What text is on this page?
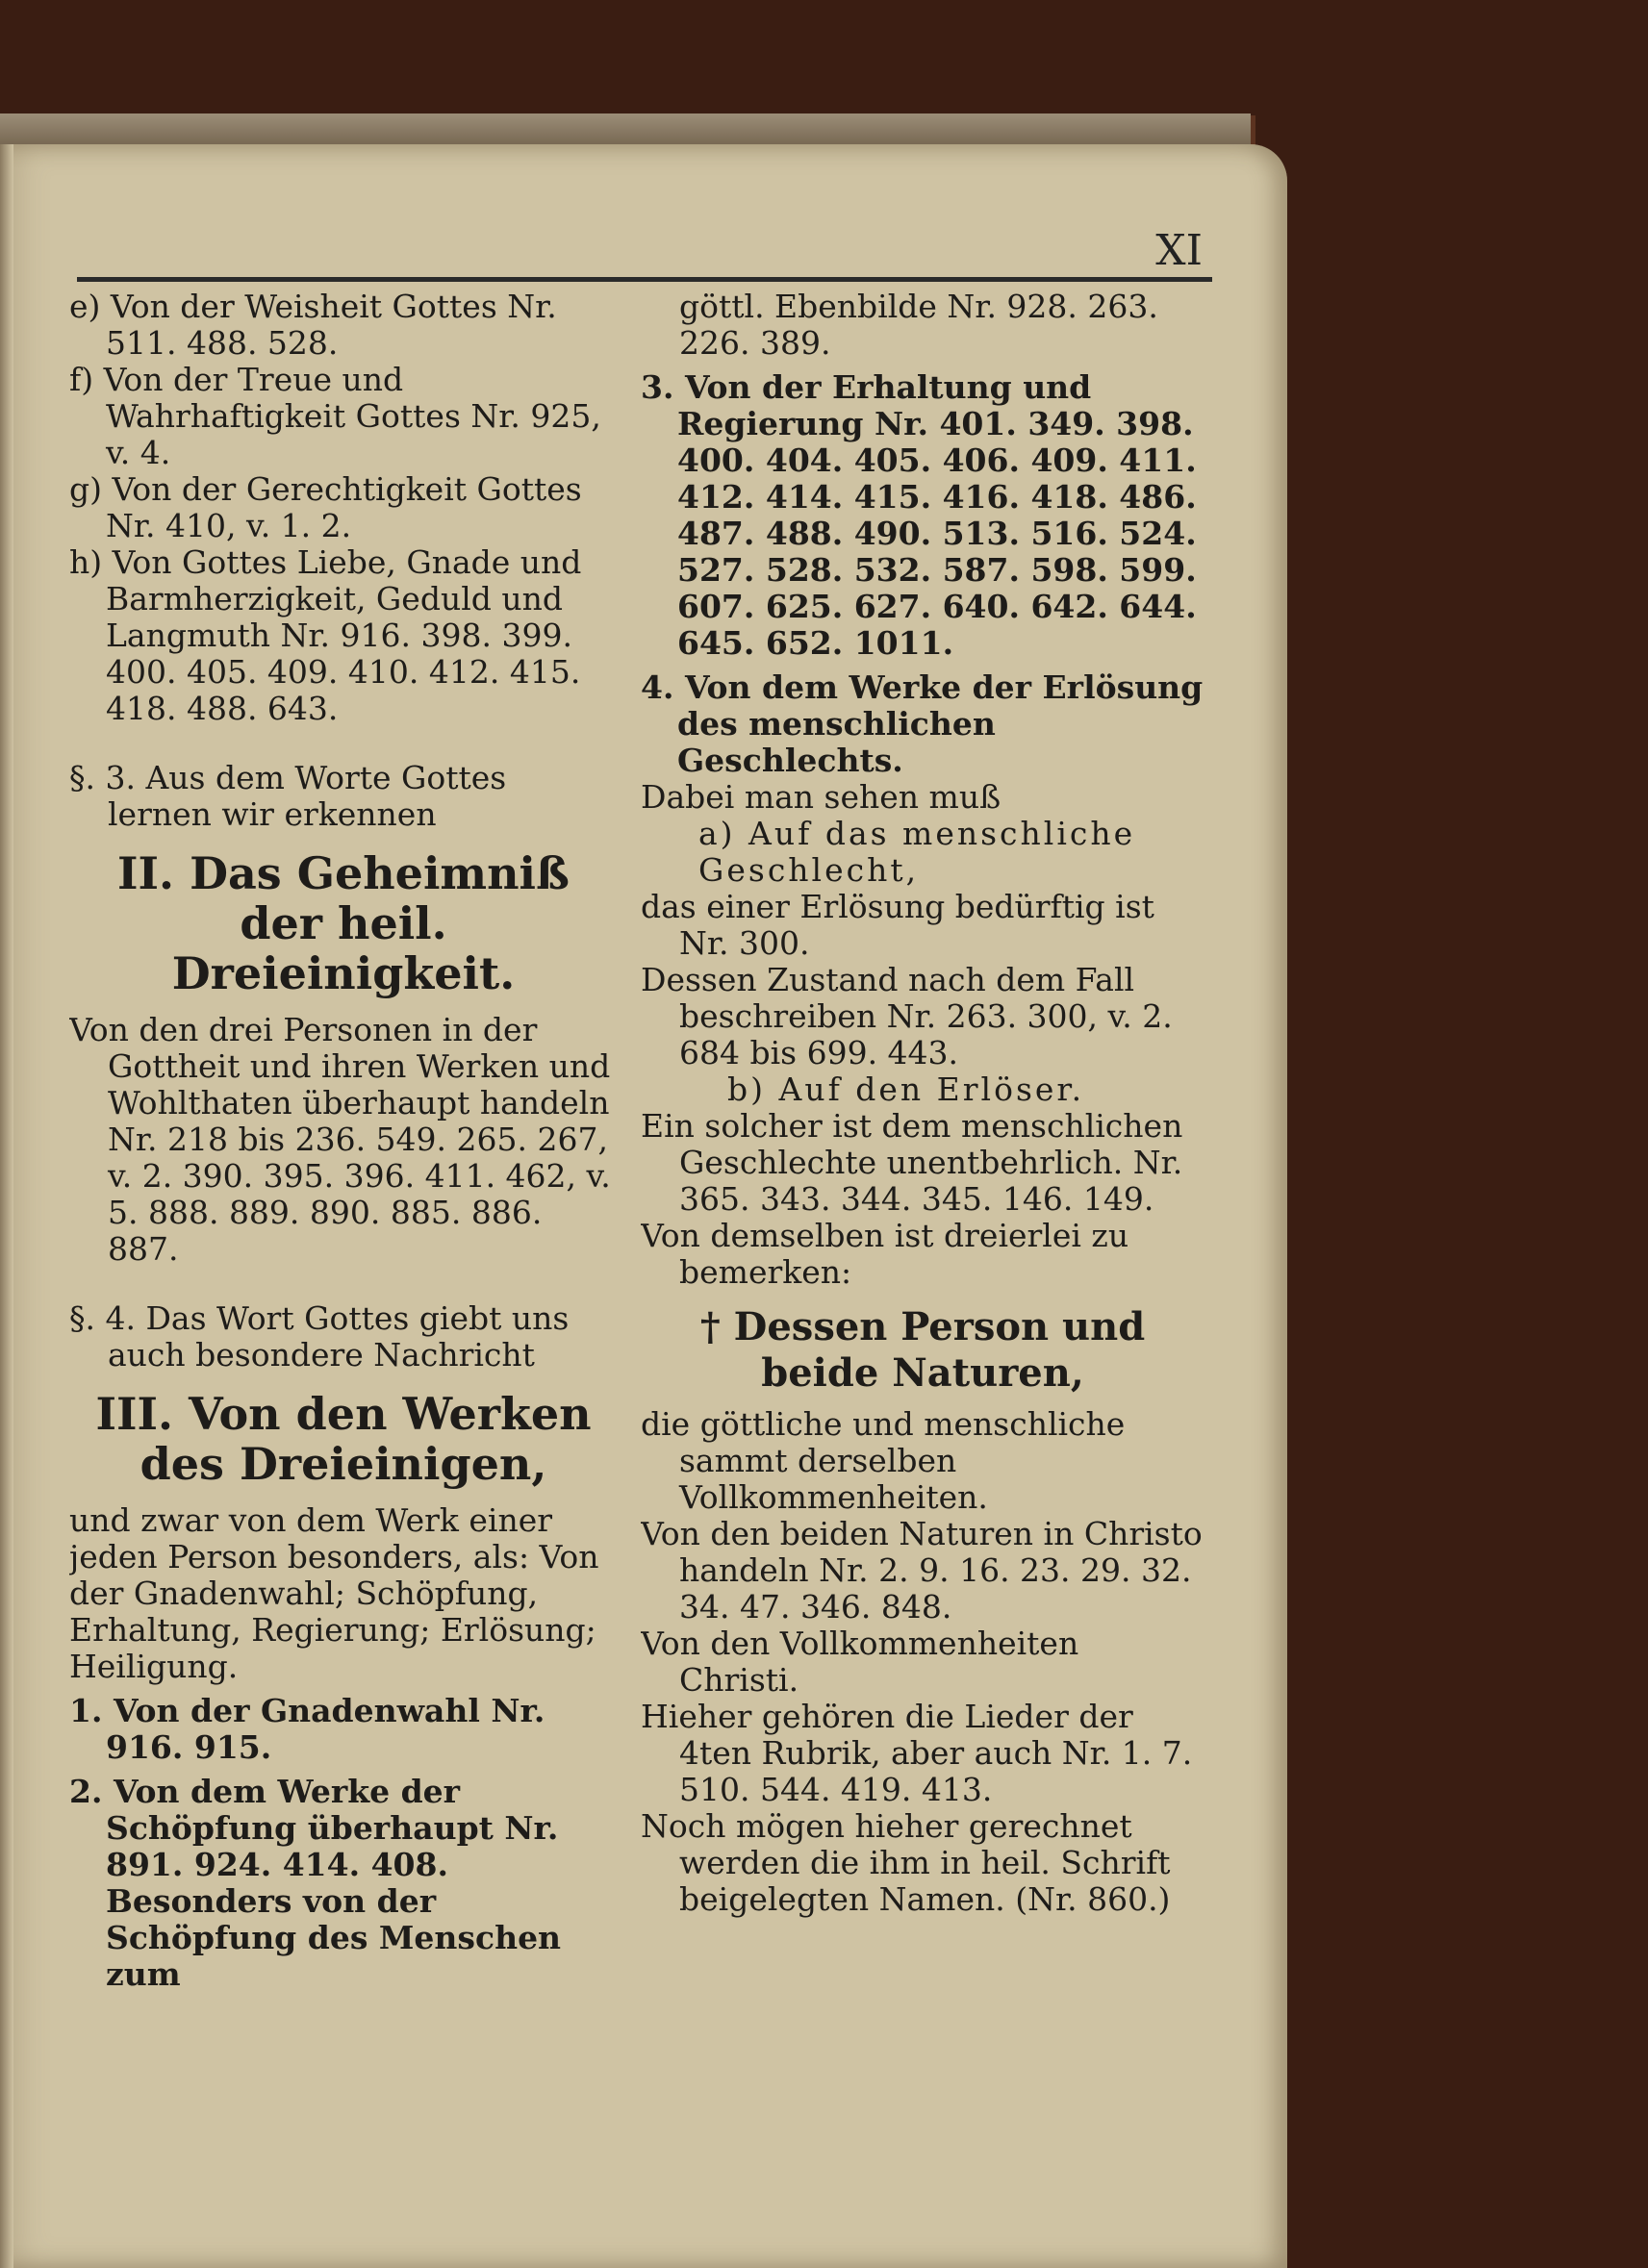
XI

e) Von der Weisheit Gottes Nr. 511. 488. 528.

f) Von der Treue und Wahrhaftigkeit Gottes Nr. 925, v. 4.

g) Von der Gerechtigkeit Gottes Nr. 410, v. 1. 2.

h) Von Gottes Liebe, Gnade und Barmherzigkeit, Geduld und Langmuth Nr. 916. 398. 399. 400. 405. 409. 410. 412. 415. 418. 488. 643.

§. 3. Aus dem Worte Gottes lernen wir erkennen

II. Das Geheimniß der heil. Dreieinigkeit.

Von den drei Personen in der Gottheit und ihren Werken und Wohlthaten überhaupt handeln Nr. 218 bis 236. 549. 265. 267, v. 2. 390. 395. 396. 411. 462, v. 5. 888. 889. 890. 885. 886. 887.

§. 4. Das Wort Gottes giebt uns auch besondere Nachricht

III. Von den Werken des Dreieinigen,

und zwar von dem Werk einer jeden Person besonders, als: Von der Gnadenwahl; Schöpfung, Erhaltung, Regierung; Erlösung; Heiligung.

1. Von der Gnadenwahl Nr. 916. 915.

2. Von dem Werke der Schöpfung überhaupt Nr. 891. 924. 414. 408. Besonders von der Schöpfung des Menschen zum

göttl. Ebenbilde Nr. 928. 263. 226. 389.

3. Von der Erhaltung und Regierung Nr. 401. 349. 398. 400. 404. 405. 406. 409. 411. 412. 414. 415. 416. 418. 486. 487. 488. 490. 513. 516. 524. 527. 528. 532. 587. 598. 599. 607. 625. 627. 640. 642. 644. 645. 652. 1011.

4. Von dem Werke der Erlösung des menschlichen Geschlechts.

Dabei man sehen muß

a) Auf das menschliche Geschlecht,

das einer Erlösung bedürftig ist Nr. 300.

Dessen Zustand nach dem Fall beschreiben Nr. 263. 300, v. 2. 684 bis 699. 443.

b) Auf den Erlöser.

Ein solcher ist dem menschlichen Geschlechte unentbehrlich. Nr. 365. 343. 344. 345. 146. 149.

Von demselben ist dreierlei zu bemerken:

† Dessen Person und beide Naturen,

die göttliche und menschliche sammt derselben Vollkommenheiten.

Von den beiden Naturen in Christo handeln Nr. 2. 9. 16. 23. 29. 32. 34. 47. 346. 848.

Von den Vollkommenheiten Christi.

Hieher gehören die Lieder der 4ten Rubrik, aber auch Nr. 1. 7. 510. 544. 419. 413.

Noch mögen hieher gerechnet werden die ihm in heil. Schrift beigelegten Namen. (Nr. 860.)
